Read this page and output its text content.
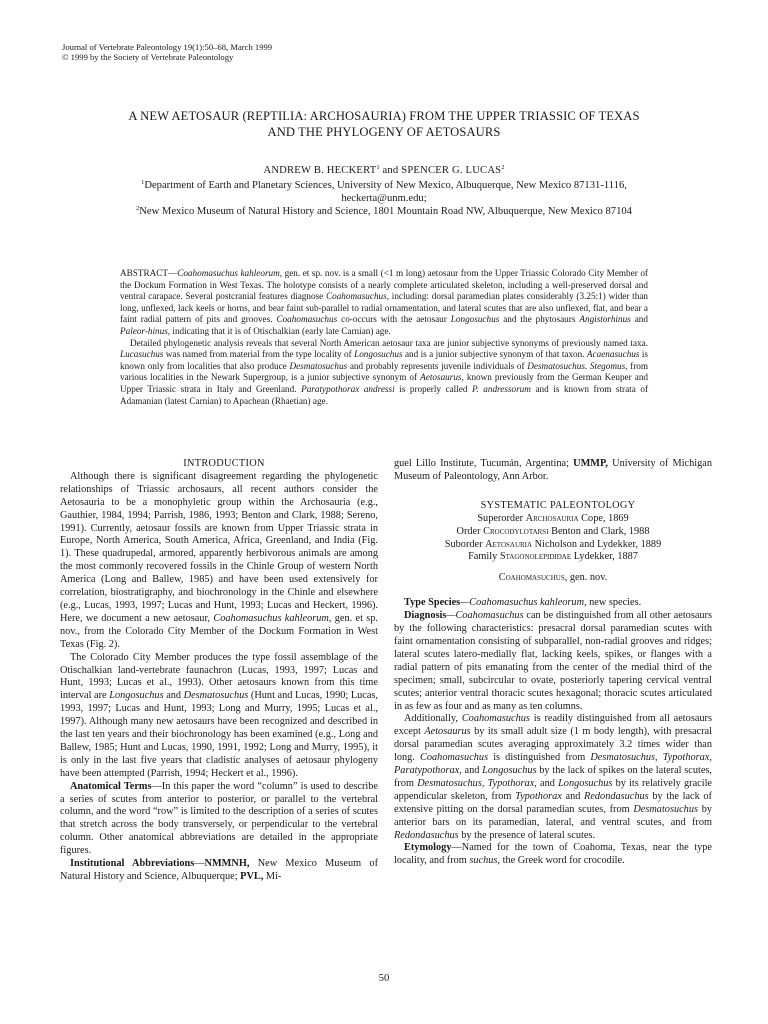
Journal of Vertebrate Paleontology 19(1):50–68, March 1999
© 1999 by the Society of Vertebrate Paleontology
A NEW AETOSAUR (REPTILIA: ARCHOSAURIA) FROM THE UPPER TRIASSIC OF TEXAS
AND THE PHYLOGENY OF AETOSAURS
ANDREW B. HECKERT$^1$ and SPENCER G. LUCAS$^2$
$^1$Department of Earth and Planetary Sciences, University of New Mexico, Albuquerque, New Mexico 87131-1116,
heckerta@unm.edu;
$^2$New Mexico Museum of Natural History and Science, 1801 Mountain Road NW, Albuquerque, New Mexico 87104

ABSTRACT—Coahomasuchus kahleorum, gen. et sp. nov. is a small (<1 m long) aetosaur from the Upper Triassic Colorado City Member of the Dockum Formation in West Texas. The holotype consists of a nearly complete articulated skeleton, including a well-preserved dorsal and ventral carapace. Several postcranial features diagnose Coahomasuchus, including: dorsal paramedian plates considerably (3.25:1) wider than long, unflexed, lack keels or horns, and bear faint sub-parallel to radial ornamentation, and lateral scutes that are also unflexed, flat, and bear a faint radial pattern of pits and grooves. Coahomasuchus co-occurs with the aetosaur Longosuchus and the phytosaurs Angistorhinus and Paleor-hinus, indicating that it is of Otischalkian (early late Carnian) age.

Detailed phylogenetic analysis reveals that several North American aetosaur taxa are junior subjective synonyms of previously named taxa. Lucasuchus was named from material from the type locality of Longosuchus and is a junior subjective synonym of that taxon. Acaenasuchus is known only from localities that also produce Desmatosuchus and probably represents juvenile individuals of Desmatosuchus. Stegomus, from various localities in the Newark Supergroup, is a junior subjective synonym of Aetosaurus, known previously from the German Keuper and Upper Triassic strata in Italy and Greenland. Paratypothorax andressi is properly called P. andressorum and is known from strata of Adamanian (latest Carnian) to Apachean (Rhaetian) age.

INTRODUCTION

Although there is significant disagreement regarding the phylogenetic relationships of Triassic archosaurs, all recent authors consider the Aetosauria to be a monophyletic group within the Archosauria (e.g., Gauthier, 1984, 1994; Parrish, 1986, 1993; Benton and Clark, 1988; Sereno, 1991). Currently, aetosaur fossils are known from Upper Triassic strata in Europe, North America, South America, Africa, Greenland, and India (Fig. 1). These quadrupedal, armored, apparently herbivorous animals are among the most commonly recovered fossils in the Chinle Group of western North America (Long and Ballew, 1985) and have been used extensively for correlation, biostratigraphy, and biochronology in the Chinle and elsewhere (e.g., Lucas, 1993, 1997; Lucas and Hunt, 1993; Lucas and Heckert, 1996). Here, we document a new aetosaur, Coahomasuchus kahleorum, gen. et sp. nov., from the Colorado City Member of the Dockum Formation in West Texas (Fig. 2).

The Colorado City Member produces the type fossil assemblage of the Otischalkian land-vertebrate faunachron (Lucas, 1993, 1997; Lucas and Hunt, 1993; Lucas et al., 1993). Other aetosaurs known from this time interval are Longosuchus and Desmatosuchus (Hunt and Lucas, 1990; Lucas, 1993, 1997; Lucas and Hunt, 1993; Long and Murry, 1995; Lucas et al., 1997). Although many new aetosaurs have been recognized and described in the last ten years and their biochronology has been examined (e.g., Long and Ballew, 1985; Hunt and Lucas, 1990, 1991, 1992; Long and Murry, 1995), it is only in the last five years that cladistic analyses of aetosaur phylogeny have been attempted (Parrish, 1994; Heckert et al., 1996).

Anatomical Terms—In this paper the word “column” is used to describe a series of scutes from anterior to posterior, or parallel to the vertebral column, and the word “row” is limited to the description of a series of scutes that stretch across the body transversely, or perpendicular to the vertebral column. Other anatomical abbreviations are detailed in the appropriate figures.

Institutional Abbreviations—NMMNH, New Mexico Museum of Natural History and Science, Albuquerque; PVL, Mi-

guel Lillo Institute, Tucumán, Argentina; UMMP, University of Michigan Museum of Paleontology, Ann Arbor.

SYSTEMATIC PALEONTOLOGY

Superorder Archosauria Cope, 1869

Order Crocodylotarsi Benton and Clark, 1988

Suborder Aetosauria Nicholson and Lydekker, 1889

Family Stagonolepididae Lydekker, 1887

Coahomasuchus, gen. nov.

Type Species—Coahomasuchus kahleorum, new species.

Diagnosis—Coahomasuchus can be distinguished from all other aetosaurs by the following characteristics: presacral dorsal paramedian scutes with faint ornamentation consisting of subparallel, non-radial grooves and ridges; lateral scutes latero-medially flat, lacking keels, spikes, or flanges with a radial pattern of pits emanating from the center of the medial third of the specimen; small, subcircular to ovate, posteriorly tapering cervical ventral scutes; anterior ventral thoracic scutes hexagonal; thoracic scutes articulated in as few as four and as many as ten columns.

Additionally, Coahomasuchus is readily distinguished from all aetosaurs except Aetosaurus by its small adult size (1 m body length), with presacral dorsal paramedian scutes averaging approximately 3.2 times wider than long. Coahomasuchus is distinguished from Desmatosuchus, Typothorax, Paratypothorax, and Longosuchus by the lack of spikes on the lateral scutes, from Desmatosuchus, Typothorax, and Longosuchus by its relatively gracile appendicular skeleton, from Typothorax and Redondasuchus by the lack of extensive pitting on the dorsal paramedian scutes, from Desmatosuchus by anterior bars on its paramedian, lateral, and ventral scutes, and from Redondasuchus by the presence of lateral scutes.

Etymology—Named for the town of Coahoma, Texas, near the type locality, and from suchus, the Greek word for crocodile.

50
